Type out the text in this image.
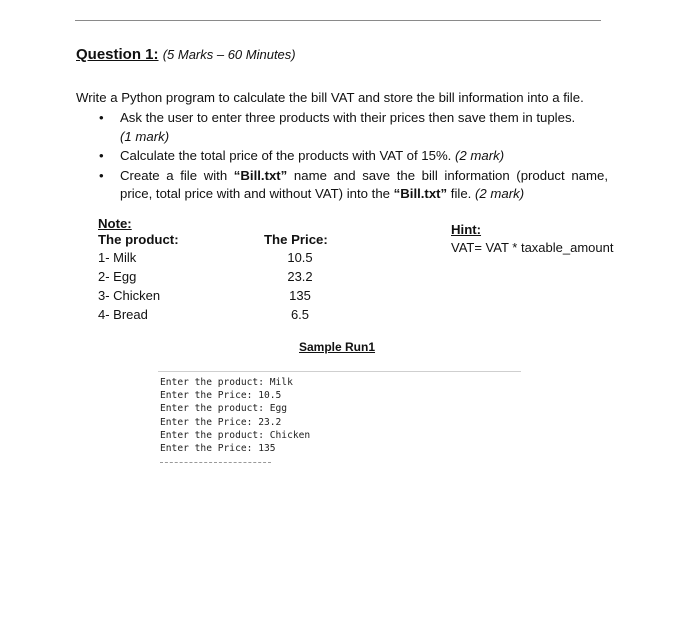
Question 1: (5 Marks – 60 Minutes)
Write a Python program to calculate the bill VAT and store the bill information into a file.
• Ask the user to enter three products with their prices then save them in tuples.
(1 mark)
• Calculate the total price of the products with VAT of 15%. (2 mark)
• Create a file with “Bill.txt” name and save the bill information (product name, price, total price with and without VAT) into the “Bill.txt” file. (2 mark)
Note:
The product:	The Price:
1- Milk
2- Egg
3- Chicken
4- Bread
10.5
23.2
135
6.5
Hint:
VAT= VAT * taxable_amount
Sample Run1
Enter the product: Milk
Enter the Price: 10.5
Enter the product: Egg
Enter the Price: 23.2
Enter the product: Chicken
Enter the Price: 135
